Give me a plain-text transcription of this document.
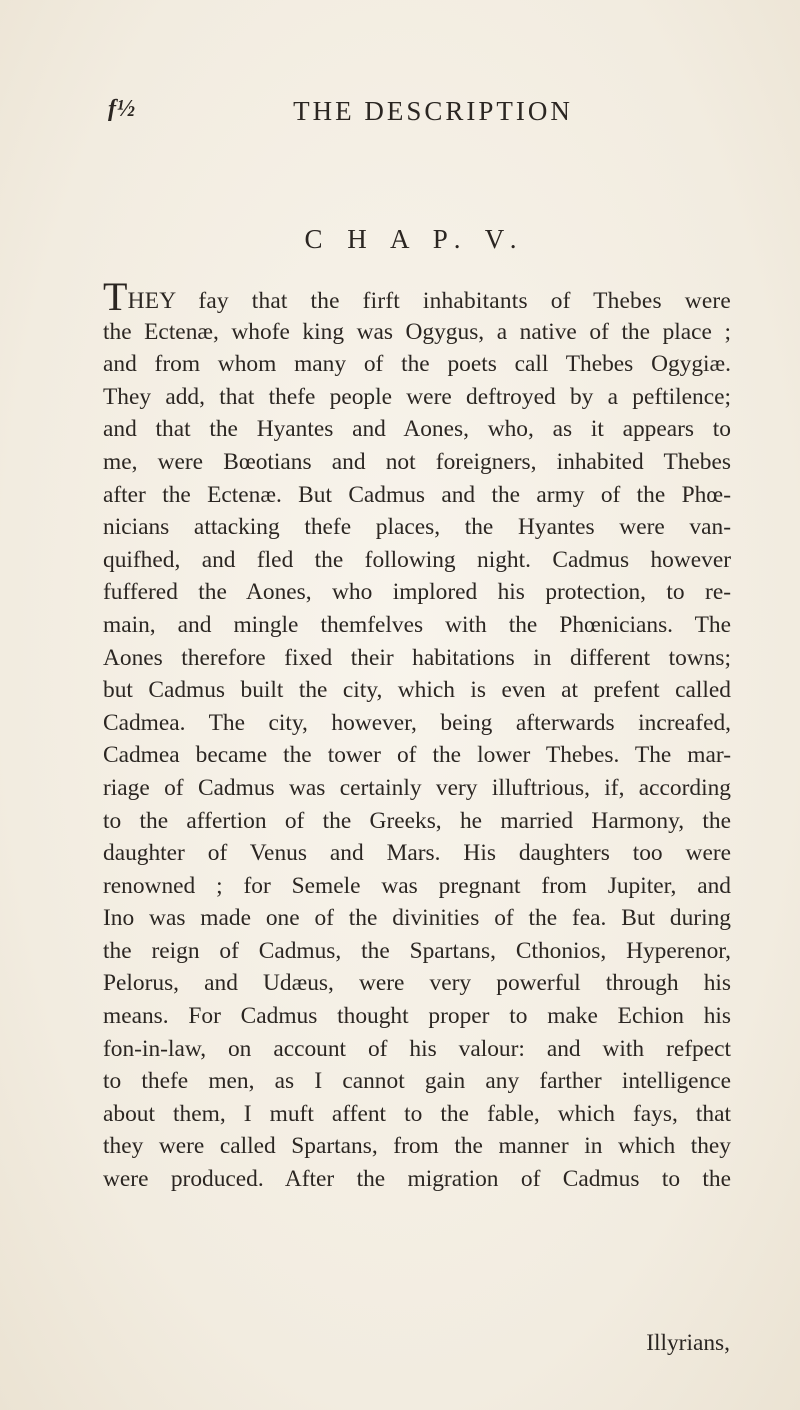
f½	THE DESCRIPTION
C H A P. V.
THEY fay that the firft inhabitants of Thebes were
the Ectenæ, whofe king was Ogygus, a native of the place ;
and from whom many of the poets call Thebes Ogygiæ.
They add, that thefe people were deftroyed by a peftilence;
and that the Hyantes and Aones, who, as it appears to
me, were Bœotians and not foreigners, inhabited Thebes
after the Ectenæ. But Cadmus and the army of the Phœ-
nicians attacking thefe places, the Hyantes were van-
quifhed, and fled the following night. Cadmus however
fuffered the Aones, who implored his protection, to re-
main, and mingle themfelves with the Phœnicians. The
Aones therefore fixed their habitations in different towns;
but Cadmus built the city, which is even at prefent called
Cadmea. The city, however, being afterwards increafed,
Cadmea became the tower of the lower Thebes. The mar-
riage of Cadmus was certainly very illuftrious, if, according
to the affertion of the Greeks, he married Harmony, the
daughter of Venus and Mars. His daughters too were
renowned ; for Semele was pregnant from Jupiter, and
Ino was made one of the divinities of the fea. But during
the reign of Cadmus, the Spartans, Cthonios, Hyperenor,
Pelorus, and Udæus, were very powerful through his
means. For Cadmus thought proper to make Echion his
fon-in-law, on account of his valour: and with refpect
to thefe men, as I cannot gain any farther intelligence
about them, I muft affent to the fable, which fays, that
they were called Spartans, from the manner in which they
were produced. After the migration of Cadmus to the
Illyrians,
